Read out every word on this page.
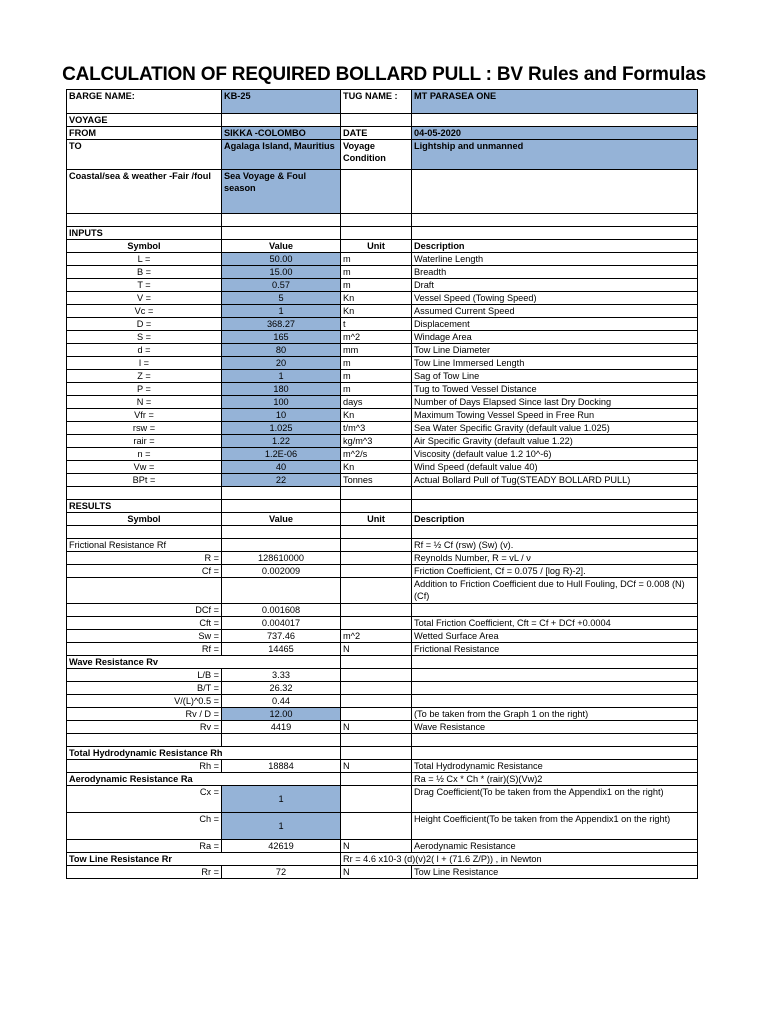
CALCULATION OF REQUIRED BOLLARD PULL : BV Rules and Formulas
BARGE NAME:	KB-25	TUG NAME :	MT PARASEA ONE
VOYAGE			
FROM	SIKKA -COLOMBO	DATE	04-05-2020
TO	Agalaga Island, Mauritius	Voyage Condition	Lightship and unmanned
Coastal/sea & weather -Fair /foul	Sea Voyage & Foul season		

INPUTS			
Symbol	Value	Unit	Description
L =	50.00	m	Waterline Length
B =	15.00	m	Breadth
T =	0.57	m	Draft
V =	5	Kn	Vessel Speed (Towing Speed)
Vc =	1	Kn	Assumed Current Speed
D =	368.27	t	Displacement
S =	165	m^2	Windage Area
d =	80	mm	Tow Line Diameter
l =	20	m	Tow Line Immersed Length
Z =	1	m	Sag of Tow Line
P =	180	m	Tug to Towed Vessel Distance
N =	100	days	Number of Days Elapsed Since last Dry Docking
Vfr =	10	Kn	Maximum Towing Vessel Speed in Free Run
rsw =	1.025	t/m^3	Sea Water Specific Gravity (default value 1.025)
rair =	1.22	kg/m^3	Air Specific Gravity (default value 1.22)
n =	1.2E-06	m^2/s	Viscosity (default value 1.2 10^-6)
Vw =	40	Kn	Wind Speed (default value 40)
BPt =	22	Tonnes	Actual Bollard Pull of Tug(STEADY BOLLARD PULL)

RESULTS			
Symbol	Value	Unit	Description

Frictional Resistance Rf			Rf = ½ Cf (rsw) (Sw) (v).
R =	128610000		Reynolds Number, R = vL / ν
Cf =	0.002009		Friction Coefficient, Cf = 0.075 / [log R)-2].
			Addition to Friction Coefficient due to Hull Fouling, DCf = 0.008 (N) (Cf)
DCf =	0.001608		
Cft =	0.004017		Total Friction Coefficient, Cft = Cf + DCf +0.0004
Sw =	737.46	m^2	Wetted Surface Area
Rf =	14465	N	Frictional Resistance
Wave Resistance Rv			
L/B =	3.33		
B/T =	26.32		
V/(L)^0.5 =	0.44		
Rv / D =	12.00		(To be taken from the Graph 1 on the right)
Rv =	4419	N	Wave Resistance

Total Hydrodynamic Resistance Rh			
Rh =	18884	N	Total Hydrodynamic Resistance
Aerodynamic Resistance Ra			Ra = ½ Cx * Ch * (rair)(S)(Vw)2
Cx =	1		Drag Coefficient(To be taken from the Appendix1 on the right)
Ch =	1		Height Coefficient(To be taken from the Appendix1 on the right)
Ra =	42619	N	Aerodynamic Resistance
Tow Line Resistance Rr		Rr = 4.6 x10-3 (d)(v)2( l + (71.6 Z/P)) , in Newton	
Rr =	72	N	Tow Line Resistance
